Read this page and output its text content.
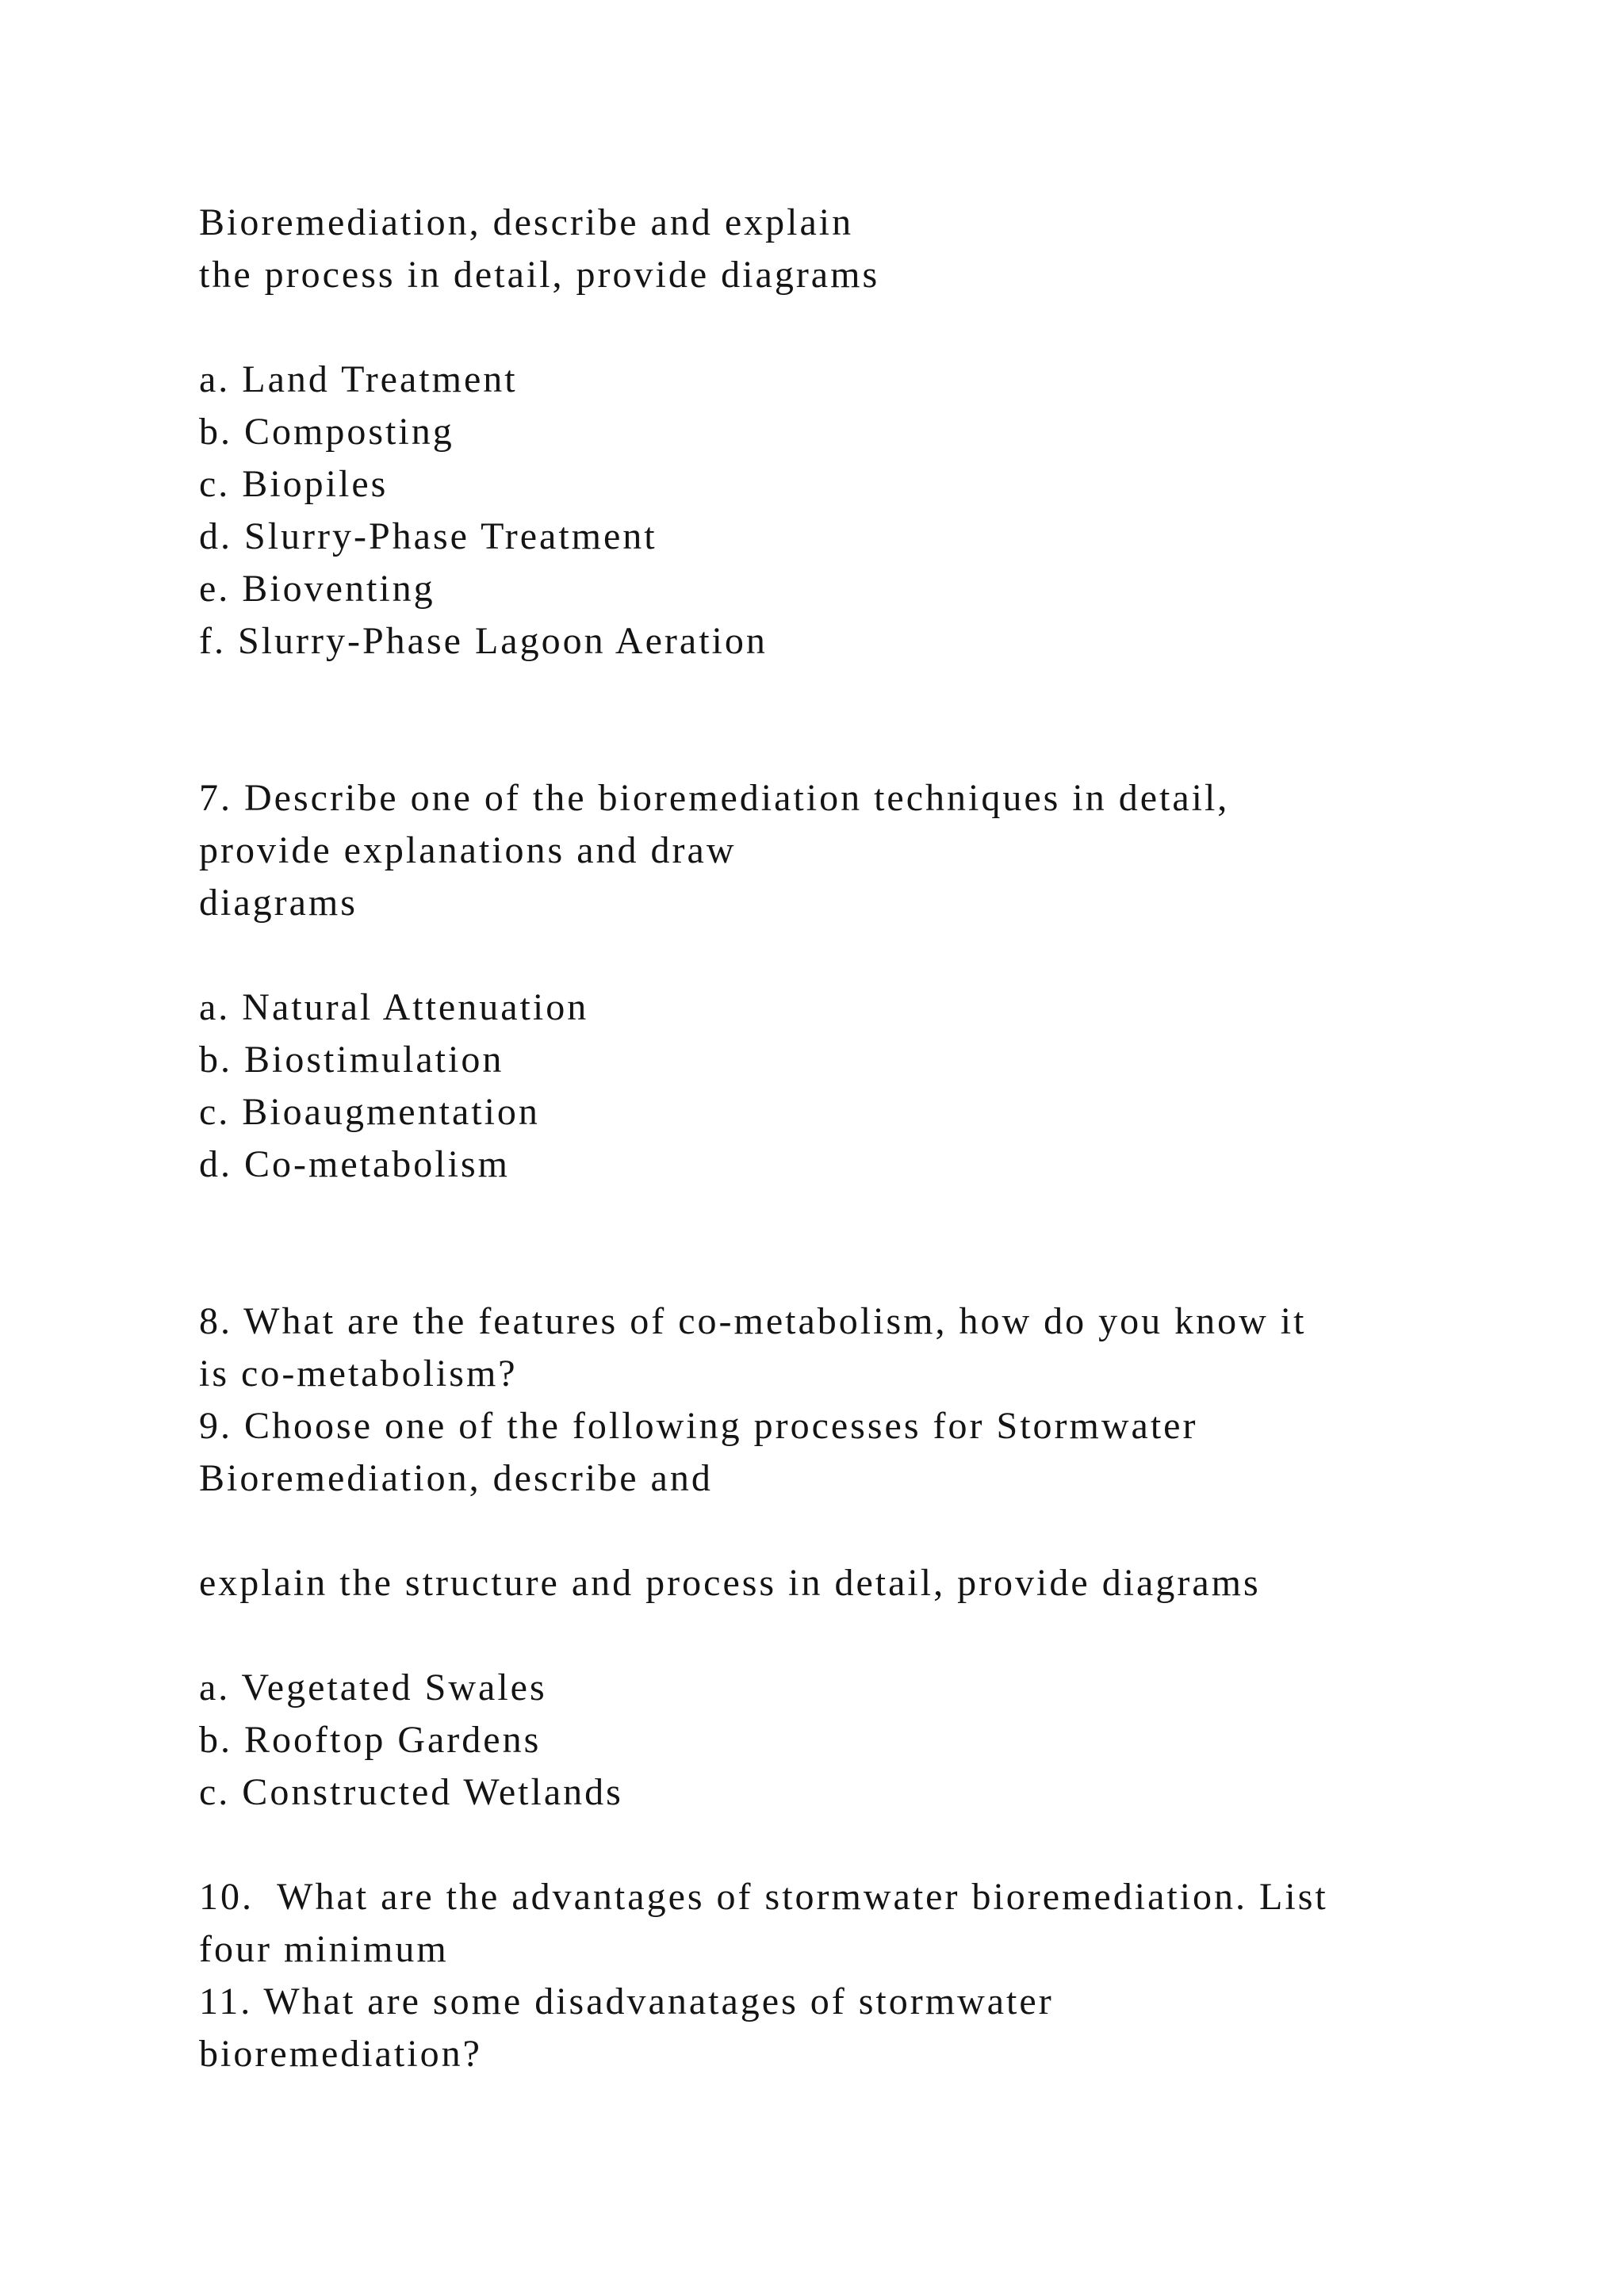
Bioremediation, describe and explain
the process in detail, provide diagrams
a. Land Treatment
b. Composting
c. Biopiles
d. Slurry-Phase Treatment
e. Bioventing
f. Slurry-Phase Lagoon Aeration
7. Describe one of the bioremediation techniques in detail,
provide explanations and draw
diagrams
a. Natural Attenuation
b. Biostimulation
c. Bioaugmentation
d. Co-metabolism
8. What are the features of co-metabolism, how do you know it
is co-metabolism?
9. Choose one of the following processes for Stormwater
Bioremediation, describe and
explain the structure and process in detail, provide diagrams
a. Vegetated Swales
b. Rooftop Gardens
c. Constructed Wetlands
10.  What are the advantages of stormwater bioremediation. List
four minimum
11. What are some disadvanatages of stormwater
bioremediation?
